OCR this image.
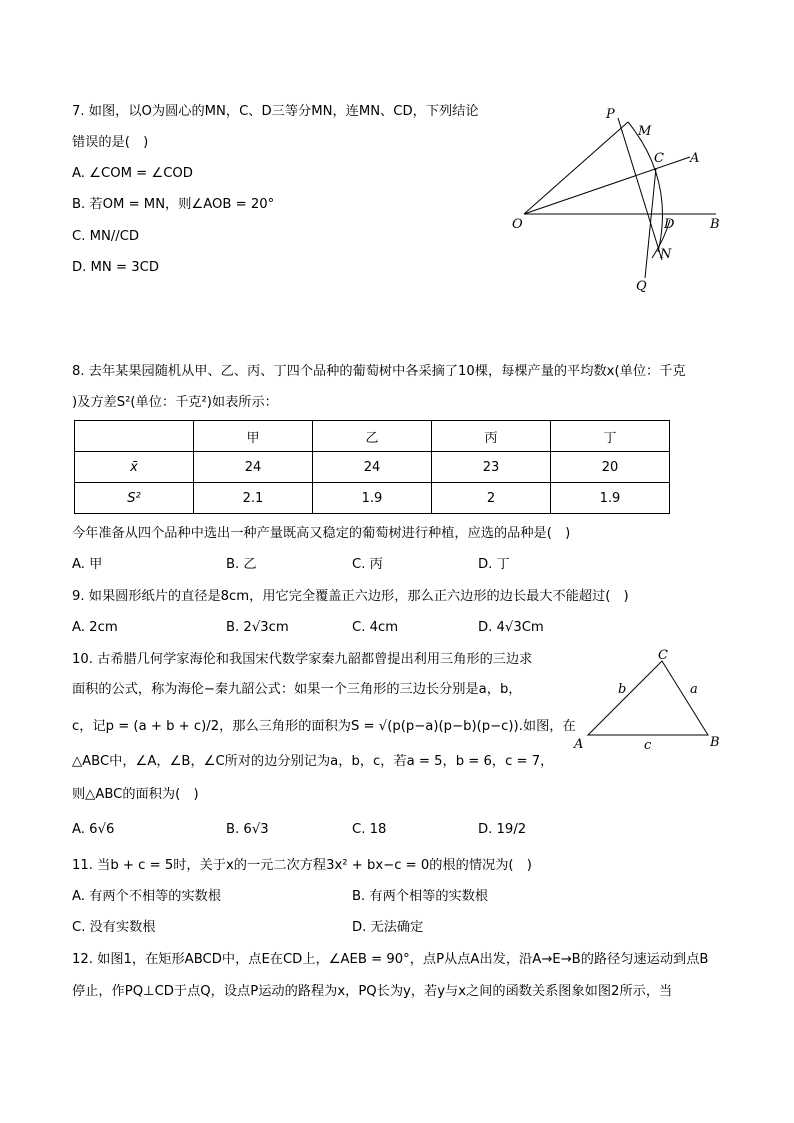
7. 如图，以O为圆心的MN，C、D三等分MN，连MN、CD，下列结论
错误的是(　)
A. ∠COM = ∠COD
B. 若OM = MN，则∠AOB = 20°
C. MN//CD
D. MN = 3CD
P
M
C A
O	D	B
N
Q
8. 去年某果园随机从甲、乙、丙、丁四个品种的葡萄树中各采摘了10棵，每棵产量的平均数x(单位：千克
)及方差S²(单位：千克²)如表所示：
	甲	乙	丙	丁
x̄	24	24	23	20
S²	2.1	1.9	2	1.9
今年准备从四个品种中选出一种产量既高又稳定的葡萄树进行种植，应选的品种是(　)
A. 甲	B. 乙	C. 丙	D. 丁
9. 如果圆形纸片的直径是8cm，用它完全覆盖正六边形，那么正六边形的边长最大不能超过(　)
A. 2cm	B. 2√3cm	C. 4cm	D. 4√3Cm
10. 古希腊几何学家海伦和我国宋代数学家秦九韶都曾提出利用三角形的三边求
面积的公式，称为海伦−秦九韶公式：如果一个三角形的三边长分别是a，b，
c，记p = (a + b + c)/2，那么三角形的面积为S = √(p(p−a)(p−b)(p−c)).如图，在
△ABC中，∠A，∠B，∠C所对的边分别记为a，b，c，若a = 5，b = 6，c = 7，
则△ABC的面积为(　)
A. 6√6	B. 6√3	C. 18	D. 19/2
A	B
C
a
b
c
11. 当b + c = 5时，关于x的一元二次方程3x² + bx−c = 0的根的情况为(　)
A. 有两个不相等的实数根	B. 有两个相等的实数根
C. 没有实数根	D. 无法确定
12. 如图1，在矩形ABCD中，点E在CD上，∠AEB = 90°，点P从点A出发，沿A→E→B的路径匀速运动到点B
停止，作PQ⊥CD于点Q，设点P运动的路程为x，PQ长为y，若y与x之间的函数关系图象如图2所示，当
